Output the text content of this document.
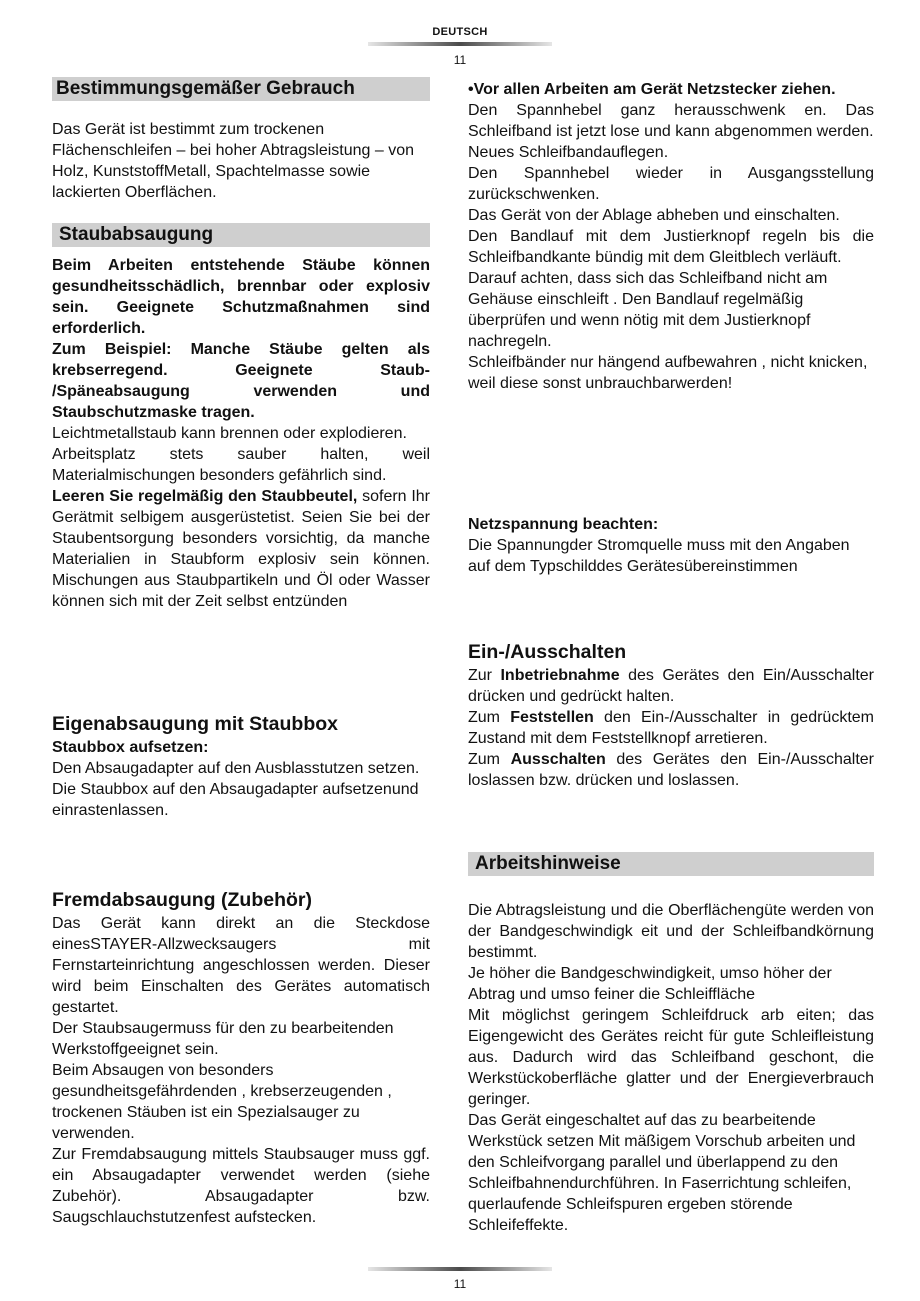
DEUTSCH
11
Bestimmungsgemäßer Gebrauch

Das Gerät ist bestimmt zum trockenen Flächenschleifen – bei hoher Abtragsleistung – von Holz, KunststoffMetall, Spachtelmasse sowie lackierten Oberflächen.

Staubabsaugung

Beim Arbeiten entstehende Stäube können gesundheitsschädlich, brennbar oder explosiv sein. Geeignete Schutzmaßnahmen sind erforderlich.

Zum Beispiel: Manche Stäube gelten als krebserregend. Geeignete Staub- /Späneabsaugung verwenden und Staubschutzmaske tragen.

Leichtmetallstaub kann brennen oder explodieren.

Arbeitsplatz stets sauber halten, weil Materialmischungen besonders gefährlich sind.

Leeren Sie regelmäßig den Staubbeutel, sofern Ihr Gerätmit selbigem ausgerüstetist. Seien Sie bei der Staubentsorgung besonders vorsichtig, da manche Materialien in Staubform explosiv sein können. Mischungen aus Staubpartikeln und Öl oder Wasser können sich mit der Zeit selbst entzünden

Eigenabsaugung mit Staubbox

Staubbox aufsetzen:

Den Absaugadapter auf den Ausblasstutzen setzen. Die Staubbox auf den Absaugadapter aufsetzenund einrastenlassen.

Fremdabsaugung (Zubehör)

Das Gerät kann direkt an die Steckdose einesSTAYER-Allzwecksaugers mit Fernstarteinrichtung angeschlossen werden. Dieser wird beim Einschalten des Gerätes automatisch gestartet.

Der Staubsaugermuss für den zu bearbeitenden Werkstoffgeeignet sein.

Beim Absaugen von besonders gesundheitsgefährdenden , krebserzeugenden , trockenen Stäuben ist ein Spezialsauger zu verwenden.

Zur Fremdabsaugung mittels Staubsauger muss ggf. ein Absaugadapter verwendet werden (siehe Zubehör). Absaugadapter bzw. Saugschlauchstutzenfest aufstecken.

•Vor allen Arbeiten am Gerät Netzstecker ziehen.

Den Spannhebel ganz herausschwenk en. Das Schleifband ist jetzt lose und kann abgenommen werden.

Neues Schleifbandauflegen.

Den Spannhebel wieder in Ausgangsstellung zurückschwenken.

Das Gerät von der Ablage abheben und einschalten.

Den Bandlauf mit dem Justierknopf regeln bis die Schleifbandkante bündig mit dem Gleitblech verläuft.

Darauf achten, dass sich das Schleifband nicht am Gehäuse einschleift . Den Bandlauf regelmäßig überprüfen und wenn nötig mit dem Justierknopf nachregeln.

Schleifbänder nur hängend aufbewahren , nicht knicken, weil diese sonst unbrauchbarwerden!

Netzspannung beachten:

Die Spannungder Stromquelle muss mit den Angaben auf dem Typschilddes Gerätesübereinstimmen

Ein-/Ausschalten

Zur Inbetriebnahme des Gerätes den Ein/Ausschalter drücken und gedrückt halten.

Zum Feststellen den Ein-/Ausschalter in gedrücktem Zustand mit dem Feststellknopf arretieren.

Zum Ausschalten des Gerätes den Ein-/Ausschalter loslassen bzw. drücken und loslassen.

Arbeitshinweise

Die Abtragsleistung und die Oberflächengüte werden von der Bandgeschwindigk eit und der Schleifbandkörnung bestimmt.

Je höher die Bandgeschwindigkeit, umso höher der Abtrag und umso feiner die Schleiffläche

Mit möglichst geringem Schleifdruck arb eiten; das Eigengewicht des Gerätes reicht für gute Schleifleistung aus. Dadurch wird das Schleifband geschont, die Werkstückoberfläche glatter und der Energieverbrauch geringer.

Das Gerät eingeschaltet auf das zu bearbeitende Werkstück setzen Mit mäßigem Vorschub arbeiten und den Schleifvorgang parallel und überlappend zu den Schleifbahnendurchführen. In Faserrichtung schleifen, querlaufende Schleifspuren ergeben störende Schleifeffekte.

11
